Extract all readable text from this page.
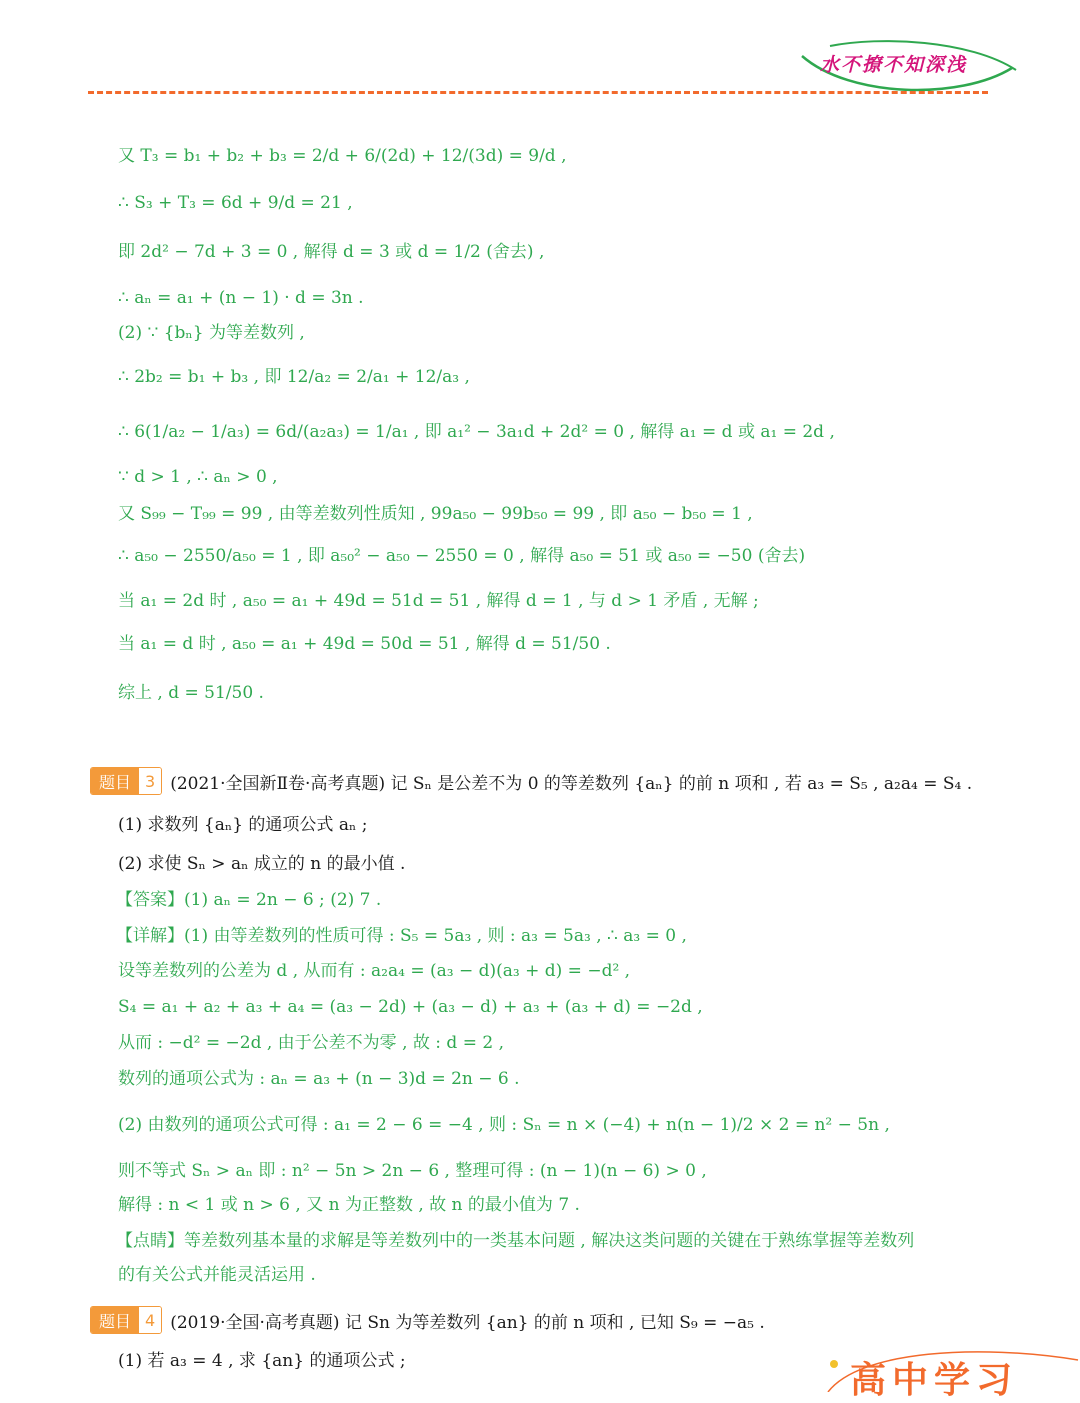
水不撩不知深浅
又 T₃ = b₁ + b₂ + b₃ = 2/d + 6/(2d) + 12/(3d) = 9/d ,
∴ S₃ + T₃ = 6d + 9/d = 21 ,
即 2d² − 7d + 3 = 0 , 解得 d = 3 或 d = 1/2 (舍去) ,
∴ aₙ = a₁ + (n − 1) · d = 3n .
(2) ∵ {bₙ} 为等差数列 ,
∴ 2b₂ = b₁ + b₃ , 即 12/a₂ = 2/a₁ + 12/a₃ ,
∴ 6(1/a₂ − 1/a₃) = 6d/(a₂a₃) = 1/a₁ , 即 a₁² − 3a₁d + 2d² = 0 , 解得 a₁ = d 或 a₁ = 2d ,
∵ d > 1 , ∴ aₙ > 0 ,
又 S₉₉ − T₉₉ = 99 , 由等差数列性质知 , 99a₅₀ − 99b₅₀ = 99 , 即 a₅₀ − b₅₀ = 1 ,
∴ a₅₀ − 2550/a₅₀ = 1 , 即 a₅₀² − a₅₀ − 2550 = 0 , 解得 a₅₀ = 51 或 a₅₀ = −50 (舍去)
当 a₁ = 2d 时 , a₅₀ = a₁ + 49d = 51d = 51 , 解得 d = 1 , 与 d > 1 矛盾 , 无解 ;
当 a₁ = d 时 , a₅₀ = a₁ + 49d = 50d = 51 , 解得 d = 51/50 .
综上 , d = 51/50 .
题目 3 (2021·全国新Ⅱ卷·高考真题) 记 Sₙ 是公差不为 0 的等差数列 {aₙ} 的前 n 项和 , 若 a₃ = S₅ , a₂a₄ = S₄ .
(1) 求数列 {aₙ} 的通项公式 aₙ ;
(2) 求使 Sₙ > aₙ 成立的 n 的最小值 .
【答案】(1) aₙ = 2n − 6 ; (2) 7 .
【详解】(1) 由等差数列的性质可得 : S₅ = 5a₃ , 则 : a₃ = 5a₃ , ∴ a₃ = 0 ,
设等差数列的公差为 d , 从而有 : a₂a₄ = (a₃ − d)(a₃ + d) = −d² ,
S₄ = a₁ + a₂ + a₃ + a₄ = (a₃ − 2d) + (a₃ − d) + a₃ + (a₃ + d) = −2d ,
从而 : −d² = −2d , 由于公差不为零 , 故 : d = 2 ,
数列的通项公式为 : aₙ = a₃ + (n − 3)d = 2n − 6 .
(2) 由数列的通项公式可得 : a₁ = 2 − 6 = −4 , 则 : Sₙ = n × (−4) + n(n − 1)/2 × 2 = n² − 5n ,
则不等式 Sₙ > aₙ 即 : n² − 5n > 2n − 6 , 整理可得 : (n − 1)(n − 6) > 0 ,
解得 : n < 1 或 n > 6 , 又 n 为正整数 , 故 n 的最小值为 7 .
【点睛】等差数列基本量的求解是等差数列中的一类基本问题 , 解决这类问题的关键在于熟练掌握等差数列
的有关公式并能灵活运用 .
题目 4 (2019·全国·高考真题) 记 Sn 为等差数列 {an} 的前 n 项和 , 已知 S₉ = −a₅ .
(1) 若 a₃ = 4 , 求 {an} 的通项公式 ;	高中学习
